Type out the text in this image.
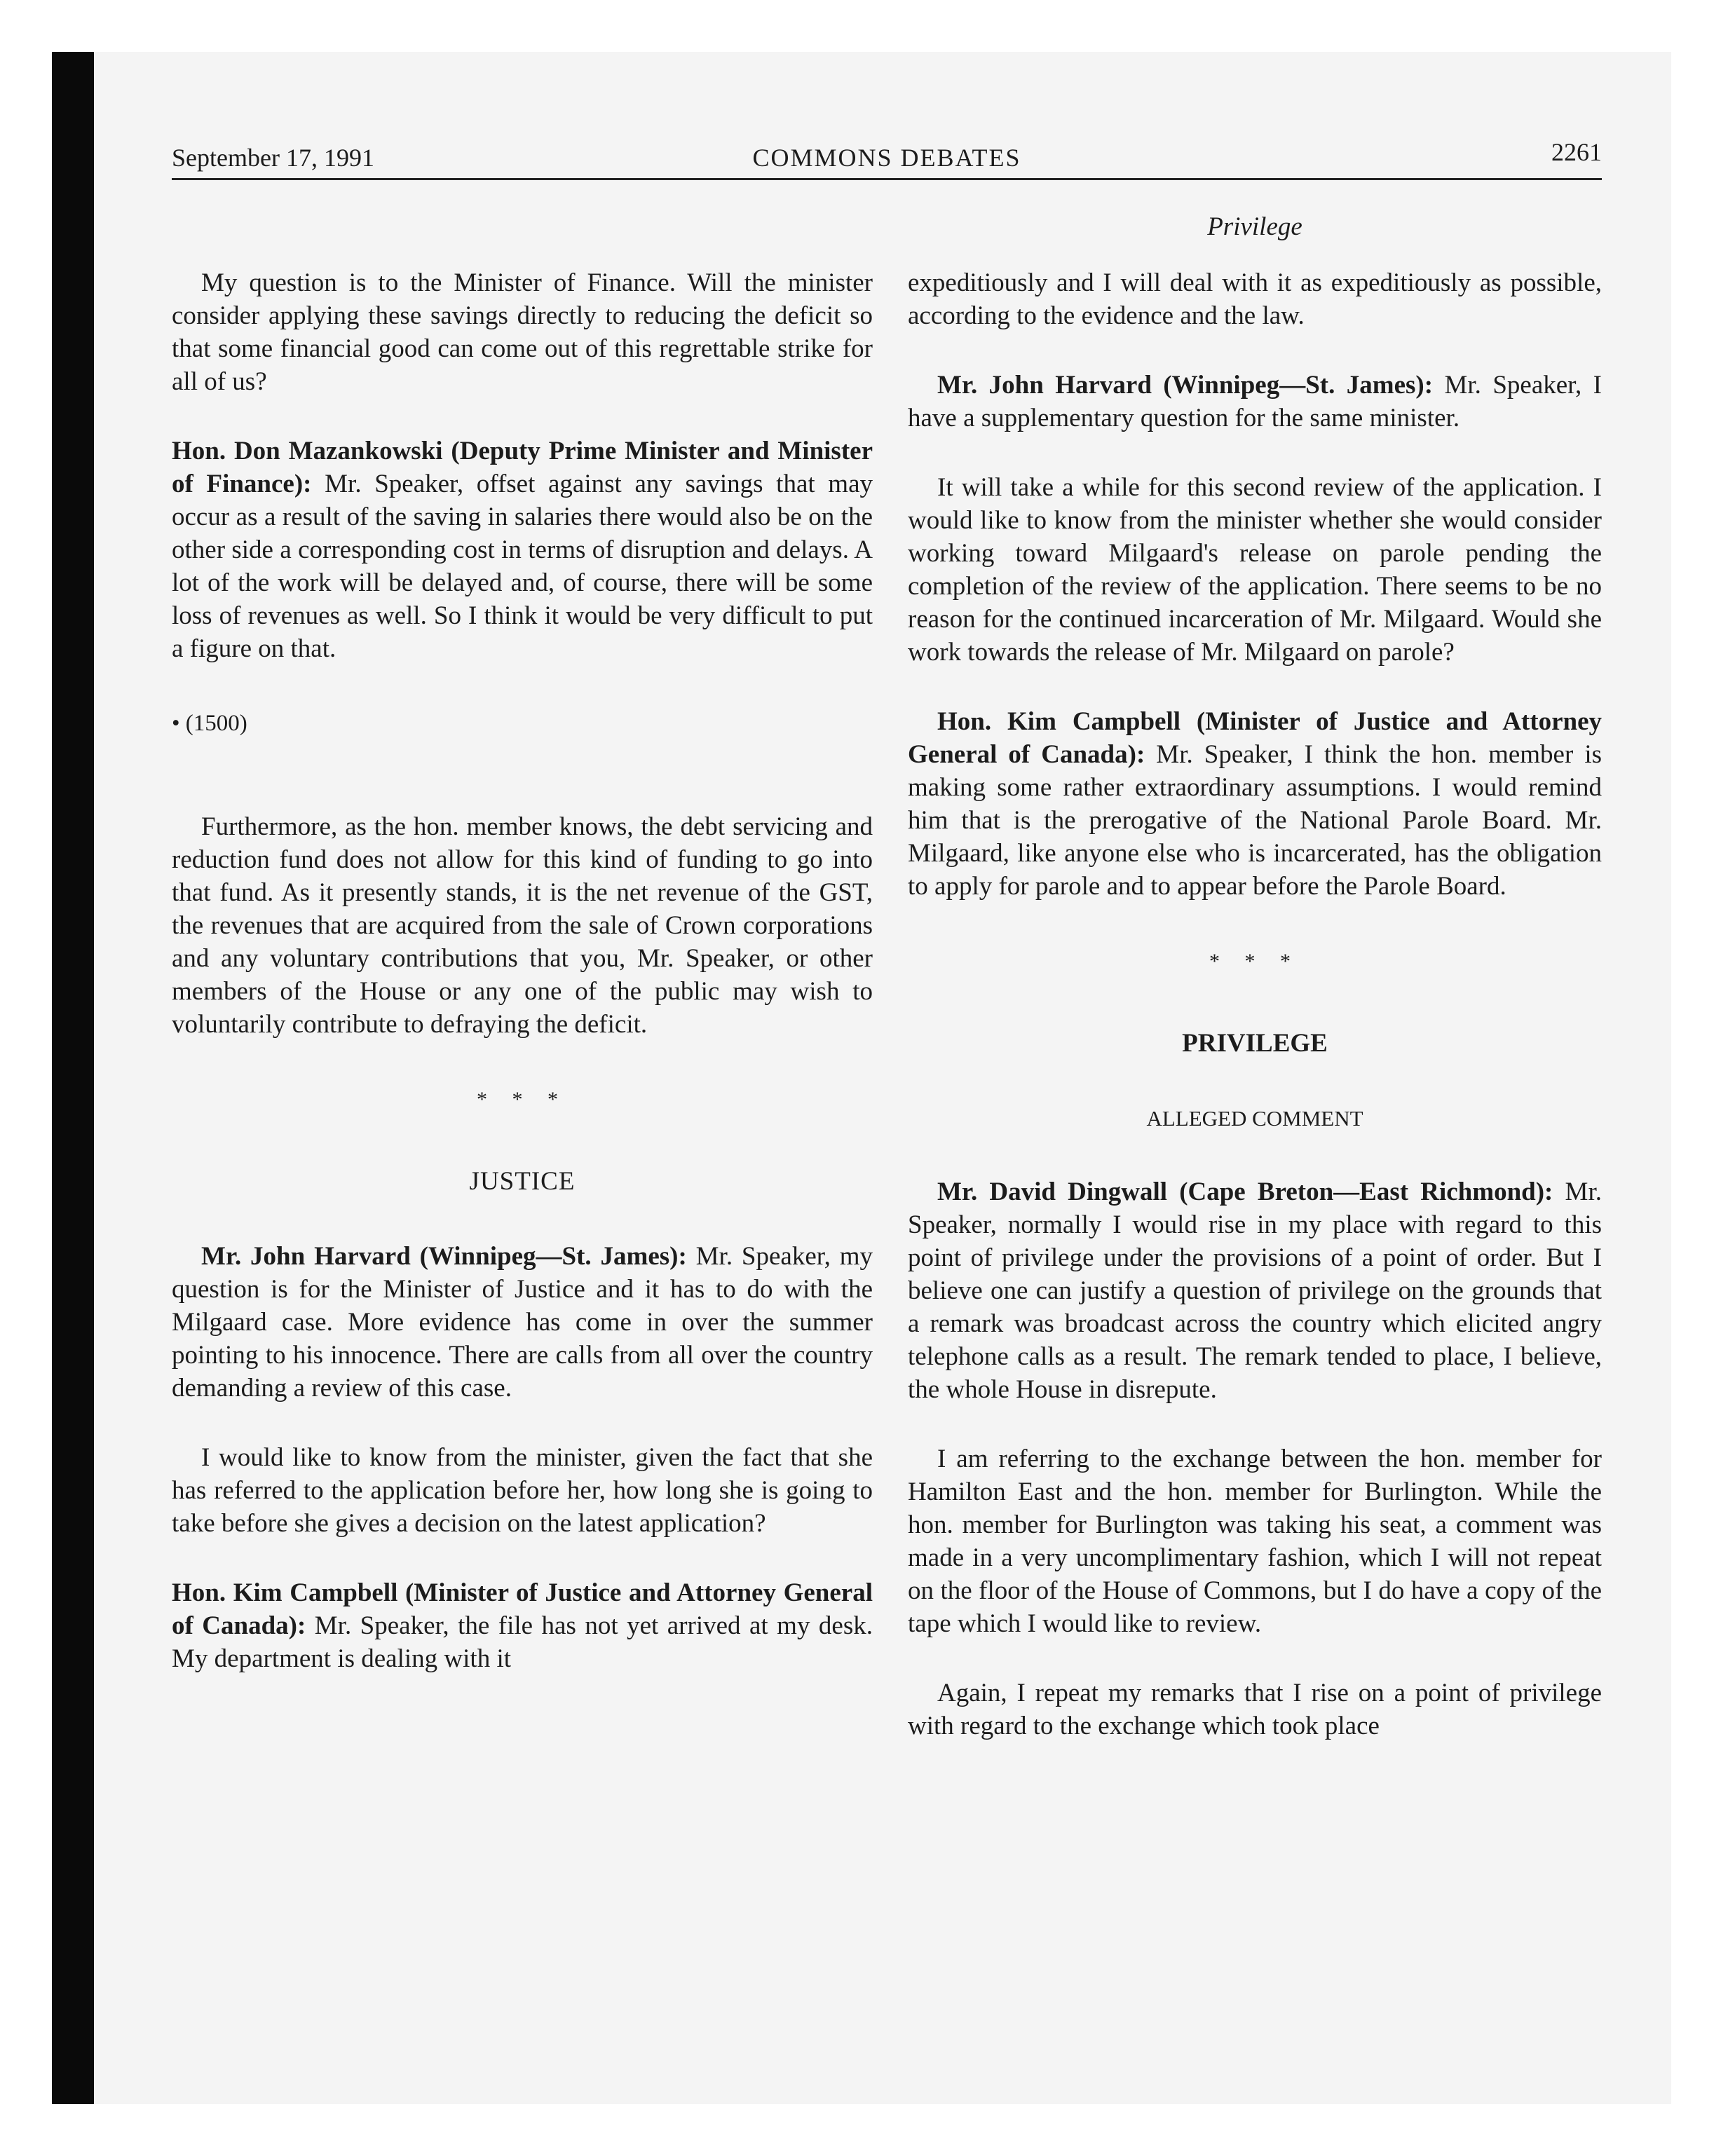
September 17, 1991	COMMONS DEBATES	2261
Privilege

My question is to the Minister of Finance. Will the minister consider applying these savings directly to reducing the deficit so that some financial good can come out of this regrettable strike for all of us?

Hon. Don Mazankowski (Deputy Prime Minister and Minister of Finance): Mr. Speaker, offset against any savings that may occur as a result of the saving in salaries there would also be on the other side a corresponding cost in terms of disruption and delays. A lot of the work will be delayed and, of course, there will be some loss of revenues as well. So I think it would be very difficult to put a figure on that.

• (1500)

Furthermore, as the hon. member knows, the debt servicing and reduction fund does not allow for this kind of funding to go into that fund. As it presently stands, it is the net revenue of the GST, the revenues that are acquired from the sale of Crown corporations and any voluntary contributions that you, Mr. Speaker, or other members of the House or any one of the public may wish to voluntarily contribute to defraying the deficit.

* * *
JUSTICE

Mr. John Harvard (Winnipeg—St. James): Mr. Speaker, my question is for the Minister of Justice and it has to do with the Milgaard case. More evidence has come in over the summer pointing to his innocence. There are calls from all over the country demanding a review of this case.

I would like to know from the minister, given the fact that she has referred to the application before her, how long she is going to take before she gives a decision on the latest application?

Hon. Kim Campbell (Minister of Justice and Attorney General of Canada): Mr. Speaker, the file has not yet arrived at my desk. My department is dealing with it

expeditiously and I will deal with it as expeditiously as possible, according to the evidence and the law.

Mr. John Harvard (Winnipeg—St. James): Mr. Speaker, I have a supplementary question for the same minister.

It will take a while for this second review of the application. I would like to know from the minister whether she would consider working toward Milgaard's release on parole pending the completion of the review of the application. There seems to be no reason for the continued incarceration of Mr. Milgaard. Would she work towards the release of Mr. Milgaard on parole?

Hon. Kim Campbell (Minister of Justice and Attorney General of Canada): Mr. Speaker, I think the hon. member is making some rather extraordinary assumptions. I would remind him that is the prerogative of the National Parole Board. Mr. Milgaard, like anyone else who is incarcerated, has the obligation to apply for parole and to appear before the Parole Board.

* * *
PRIVILEGE
ALLEGED COMMENT

Mr. David Dingwall (Cape Breton—East Richmond): Mr. Speaker, normally I would rise in my place with regard to this point of privilege under the provisions of a point of order. But I believe one can justify a question of privilege on the grounds that a remark was broadcast across the country which elicited angry telephone calls as a result. The remark tended to place, I believe, the whole House in disrepute.

I am referring to the exchange between the hon. member for Hamilton East and the hon. member for Burlington. While the hon. member for Burlington was taking his seat, a comment was made in a very uncomplimentary fashion, which I will not repeat on the floor of the House of Commons, but I do have a copy of the tape which I would like to review.

Again, I repeat my remarks that I rise on a point of privilege with regard to the exchange which took place
